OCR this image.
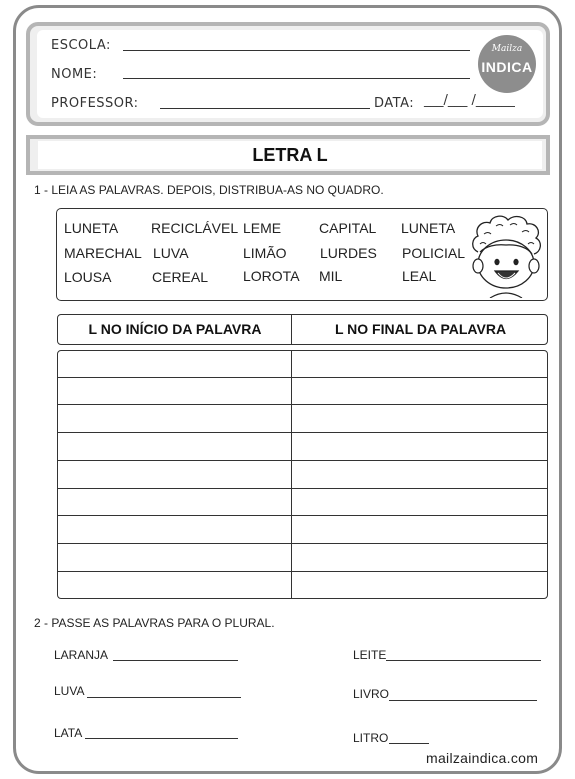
ESCOLA:
NOME:
PROFESSOR:	DATA: ___/___ /______
Mailza
INDICA
LETRA L
1 - LEIA AS PALAVRAS. DEPOIS, DISTRIBUA-AS NO QUADRO.
LUNETA RECICLÁVEL LEME	CAPITAL LUNETA
MARECHAL LUVA	LIMÃO LURDES POLICIAL
LOUSA	CEREAL LOROTA MIL	LEAL
L NO INÍCIO DA PALAVRA	L NO FINAL DA PALAVRA
2 - PASSE AS PALAVRAS PARA O PLURAL.
LARANJA
LUVA
LATA
LEITE
LIVRO
LITRO
mailzaindica.com
